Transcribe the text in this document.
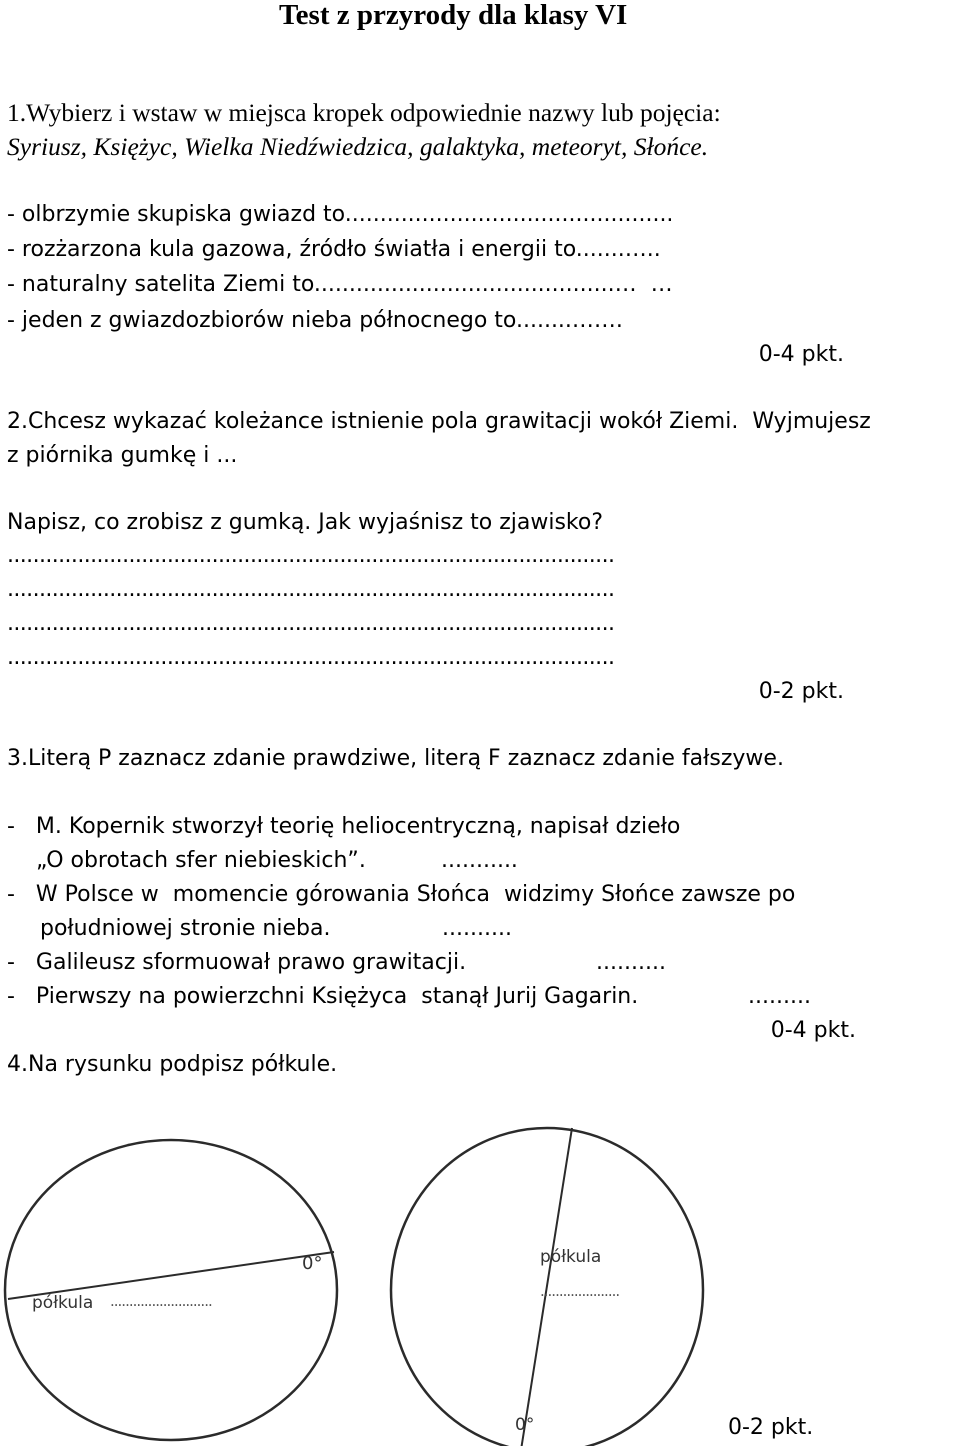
Test z przyrody dla klasy VI
1.Wybierz i wstaw w miejsca kropek odpowiednie nazwy lub pojęcia:
Syriusz, Księżyc, Wielka Niedźwiedzica, galaktyka, meteoryt, Słońce.
- olbrzymie skupiska gwiazd to...............................................
- rozżarzona kula gazowa, źródło światła i energii to.......…..
- naturalny satelita Ziemi to...........................................…  …
- jeden z gwiazdozbiorów nieba północnego to........…….
0-4 pkt.
2.Chcesz wykazać koleżance istnienie pola grawitacji wokół Ziemi.  Wyjmujesz
z piórnika gumkę i ...
Napisz, co zrobisz z gumką. Jak wyjaśnisz to zjawisko?
...............................................................................................
...............................................................................................
...............................................................................................
...............................................................................................
0-2 pkt.
3.Literą P zaznacz zdanie prawdziwe, literą F zaznacz zdanie fałszywe.
-   M. Kopernik stworzył teorię heliocentryczną, napisał dzieło
„O obrotach sfer niebieskich”.	...........
-   W Polsce w  momencie górowania Słońca  widzimy Słońce zawsze po
południowej stronie nieba.	..........
-   Galileusz sformuował prawo grawitacji.	..........
-   Pierwszy na powierzchni Księżyca  stanął Jurij Gagarin.	.........
0-4 pkt.
4.Na rysunku podpisz półkule.
0°
półkula ...........................
półkula
.....................
0°	0-2 pkt.
